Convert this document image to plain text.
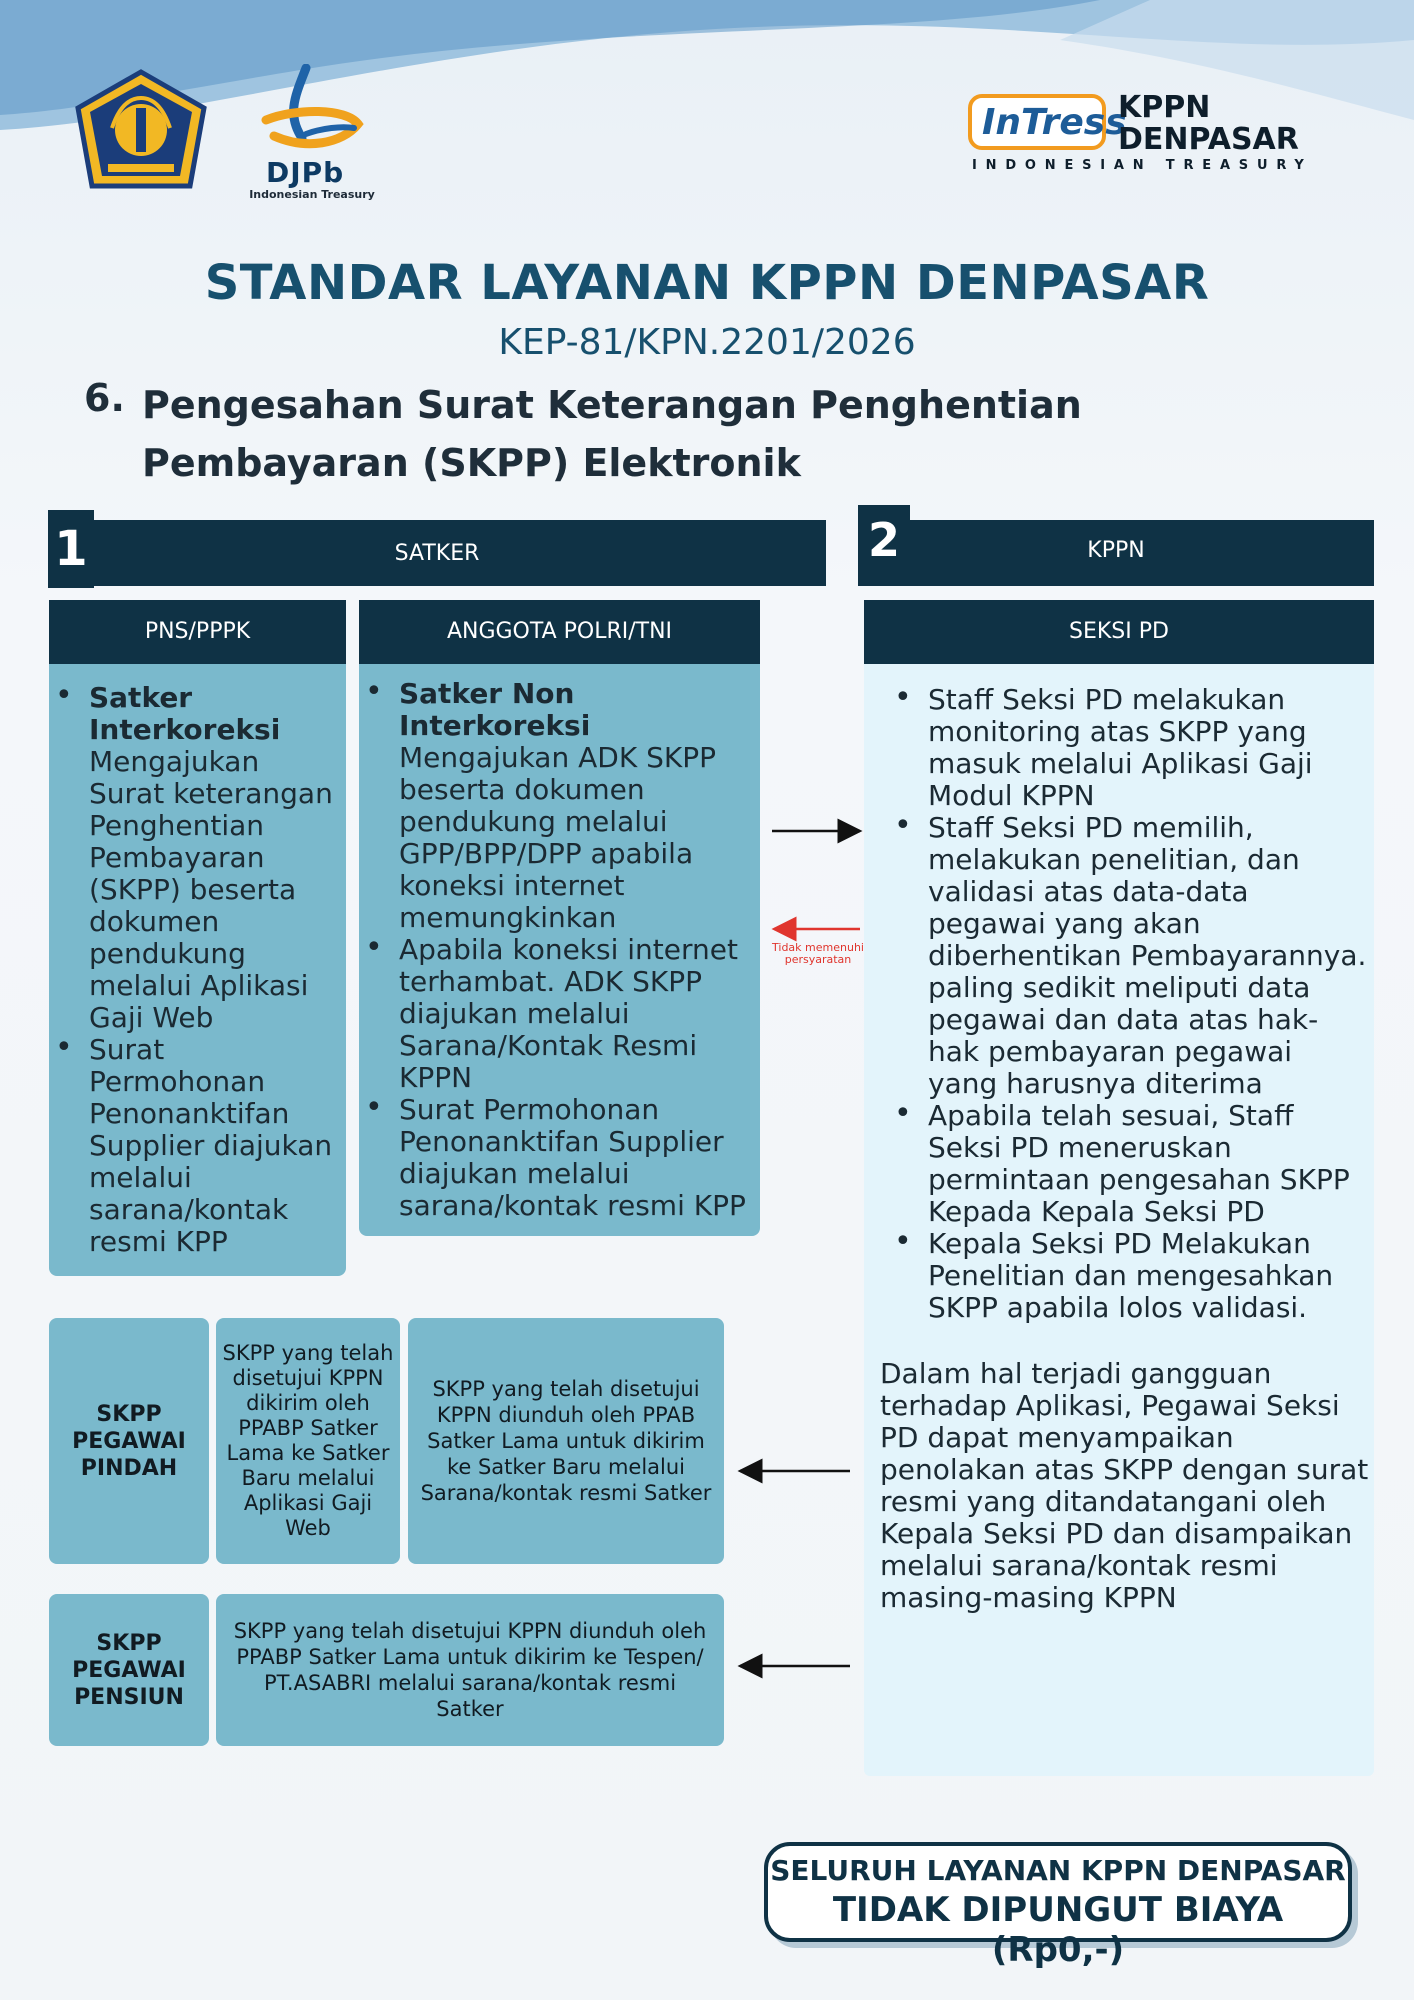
DJPb
Indonesian Treasury
InTress
KPPN
DENPASAR
INDONESIAN TREASURY
STANDAR LAYANAN KPPN DENPASAR
KEP-81/KPN.2201/2026
6. Pengesahan Surat Keterangan Penghentian
Pembayaran (SKPP) Elektronik
1	SATKER	2	KPPN
PNS/PPPK	ANGGOTA POLRI/TNI	SEKSI PD
• Satker Interkoreksi
Mengajukan Surat keterangan Penghentian Pembayaran (SKPP) beserta dokumen pendukung melalui Aplikasi Gaji Web
• Surat Permohonan Penonanktifan Supplier diajukan melalui sarana/kontak resmi KPP
• Satker Non Interkoreksi
Mengajukan ADK SKPP beserta dokumen pendukung melalui GPP/BPP/DPP apabila koneksi internet memungkinkan
• Apabila koneksi internet terhambat. ADK SKPP diajukan melalui Sarana/Kontak Resmi KPPN
• Surat Permohonan Penonanktifan Supplier diajukan melalui sarana/kontak resmi KPP
• Staff Seksi PD melakukan monitoring atas SKPP yang masuk melalui Aplikasi Gaji Modul KPPN
• Staff Seksi PD memilih, melakukan penelitian, dan validasi atas data-data pegawai yang akan diberhentikan Pembayarannya. paling sedikit meliputi data pegawai dan data atas hak-hak pembayaran pegawai yang harusnya diterima
• Apabila telah sesuai, Staff Seksi PD meneruskan permintaan pengesahan SKPP Kepada Kepala Seksi PD
• Kepala Seksi PD Melakukan Penelitian dan mengesahkan SKPP apabila lolos validasi.
Dalam hal terjadi gangguan terhadap Aplikasi, Pegawai Seksi PD dapat menyampaikan penolakan atas SKPP dengan surat resmi yang ditandatangani oleh Kepala Seksi PD dan disampaikan melalui sarana/kontak resmi masing-masing KPPN
SKPP PEGAWAI PINDAH
SKPP yang telah disetujui KPPN dikirim oleh PPABP Satker Lama ke Satker Baru melalui Aplikasi Gaji Web
SKPP yang telah disetujui KPPN diunduh oleh PPAB Satker Lama untuk dikirim ke Satker Baru melalui Sarana/kontak resmi Satker
SKPP PEGAWAI PENSIUN
SKPP yang telah disetujui KPPN diunduh oleh PPABP Satker Lama untuk dikirim ke Tespen/ PT.ASABRI melalui sarana/kontak resmi Satker
Tidak memenuhi persyaratan
SELURUH LAYANAN KPPN DENPASAR
TIDAK DIPUNGUT BIAYA (Rp0,-)
